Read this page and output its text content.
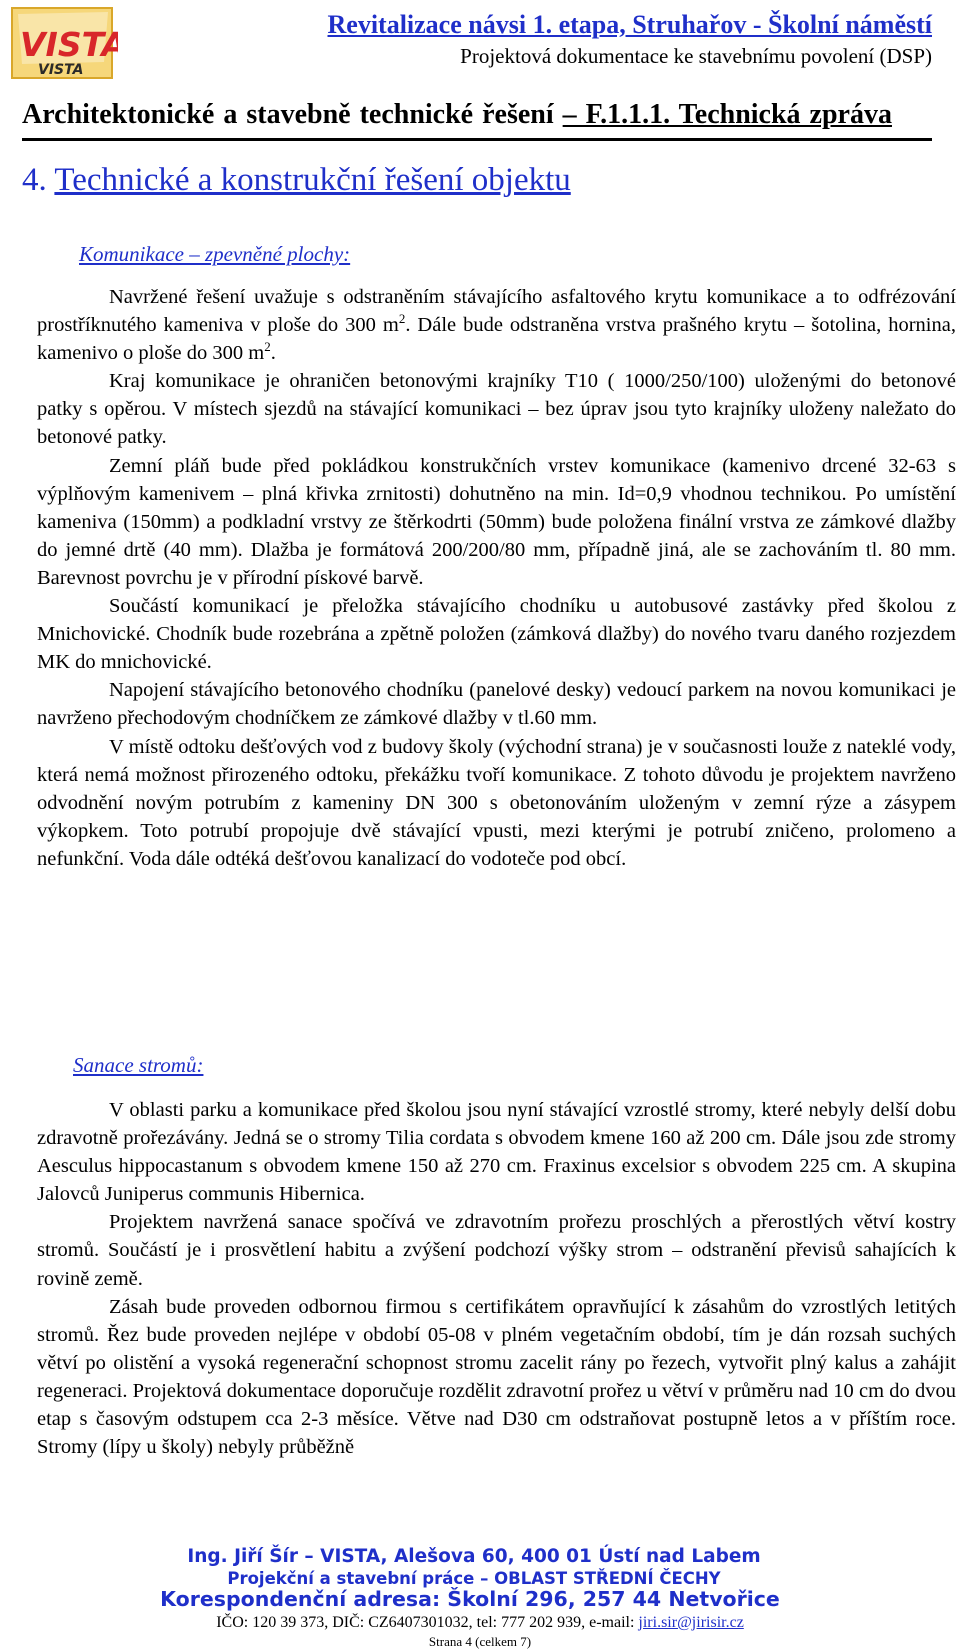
VISTA
VISTA
Revitalizace návsi 1. etapa, Struhařov - Školní náměstí
Projektová dokumentace ke stavebnímu povolení (DSP)
Architektonické a stavebně technické řešení – F.1.1.1. Technická zpráva
4. Technické a konstrukční řešení objektu
Komunikace – zpevněné plochy:

Navržené řešení uvažuje s odstraněním stávajícího asfaltového krytu komunikace a to odfrézování prostříknutého kameniva v ploše do 300 $m^2$. Dále bude odstraněna vrstva prašného krytu – šotolina, hornina, kamenivo o ploše do 300 $m^2$.

Kraj komunikace je ohraničen betonovými krajníky T10 ( 1000/250/100) uloženými do betonové patky s opěrou. V místech sjezdů na stávající komunikaci – bez úprav jsou tyto krajníky uloženy naležato do betonové patky.

Zemní pláň bude před pokládkou konstrukčních vrstev komunikace (kamenivo drcené 32-63 s výplňovým kamenivem – plná křivka zrnitosti) dohutněno na min. Id=0,9 vhodnou technikou. Po umístění kameniva (150mm) a podkladní vrstvy ze štěrkodrti (50mm) bude položena finální vrstva ze zámkové dlažby do jemné drtě (40 mm). Dlažba je formátová 200/200/80 mm, případně jiná, ale se zachováním tl. 80 mm. Barevnost povrchu je v přírodní pískové barvě.

Součástí komunikací je přeložka stávajícího chodníku u autobusové zastávky před školou z Mnichovické. Chodník bude rozebrána a zpětně položen (zámková dlažby) do nového tvaru daného rozjezdem MK do mnichovické.

Napojení stávajícího betonového chodníku (panelové desky) vedoucí parkem na novou komunikaci je navrženo přechodovým chodníčkem ze zámkové dlažby v tl.60 mm.

V místě odtoku dešťových vod z budovy školy (východní strana) je v současnosti louže z nateklé vody, která nemá možnost přirozeného odtoku, překážku tvoří komunikace. Z tohoto důvodu je projektem navrženo odvodnění novým potrubím z kameniny DN 300 s obetonováním uloženým v zemní rýze a zásypem výkopkem. Toto potrubí propojuje dvě stávající vpusti, mezi kterými je potrubí zničeno, prolomeno a nefunkční. Voda dále odtéká dešťovou kanalizací do vodoteče pod obcí.

Sanace stromů:

V oblasti parku a komunikace před školou jsou nyní stávající vzrostlé stromy, které nebyly delší dobu zdravotně prořezávány. Jedná se o stromy Tilia cordata s obvodem kmene 160 až 200 cm. Dále jsou zde stromy Aesculus hippocastanum s obvodem kmene 150 až 270 cm. Fraxinus excelsior s obvodem 225 cm. A skupina Jalovců Juniperus communis Hibernica.

Projektem navržená sanace spočívá ve zdravotním prořezu proschlých a přerostlých větví kostry stromů. Součástí je i prosvětlení habitu a zvýšení podchozí výšky strom – odstranění převisů sahajících k rovině země.

Zásah bude proveden odbornou firmou s certifikátem opravňující k zásahům do vzrostlých letitých stromů. Řez bude proveden nejlépe v období 05-08 v plném vegetačním období, tím je dán rozsah suchých větví po olistění a vysoká regenerační schopnost stromu zacelit rány po řezech, vytvořit plný kalus a zahájit regeneraci. Projektová dokumentace doporučuje rozdělit zdravotní prořez u větví v průměru nad 10 cm do dvou etap s časovým odstupem cca 2-3 měsíce. Větve nad D30 cm odstraňovat postupně letos a v příštím roce. Stromy (lípy u školy) nebyly průběžně

Ing. Jiří Šír – VISTA, Alešova 60, 400 01 Ústí nad Labem
Projekční a stavební práce – OBLAST STŘEDNÍ ČECHY
Korespondenční adresa: Školní 296, 257 44 Netvořice
IČO: 120 39 373, DIČ: CZ6407301032, tel: 777 202 939, e-mail: jiri.sir@jirisir.cz
Strana 4 (celkem 7)
